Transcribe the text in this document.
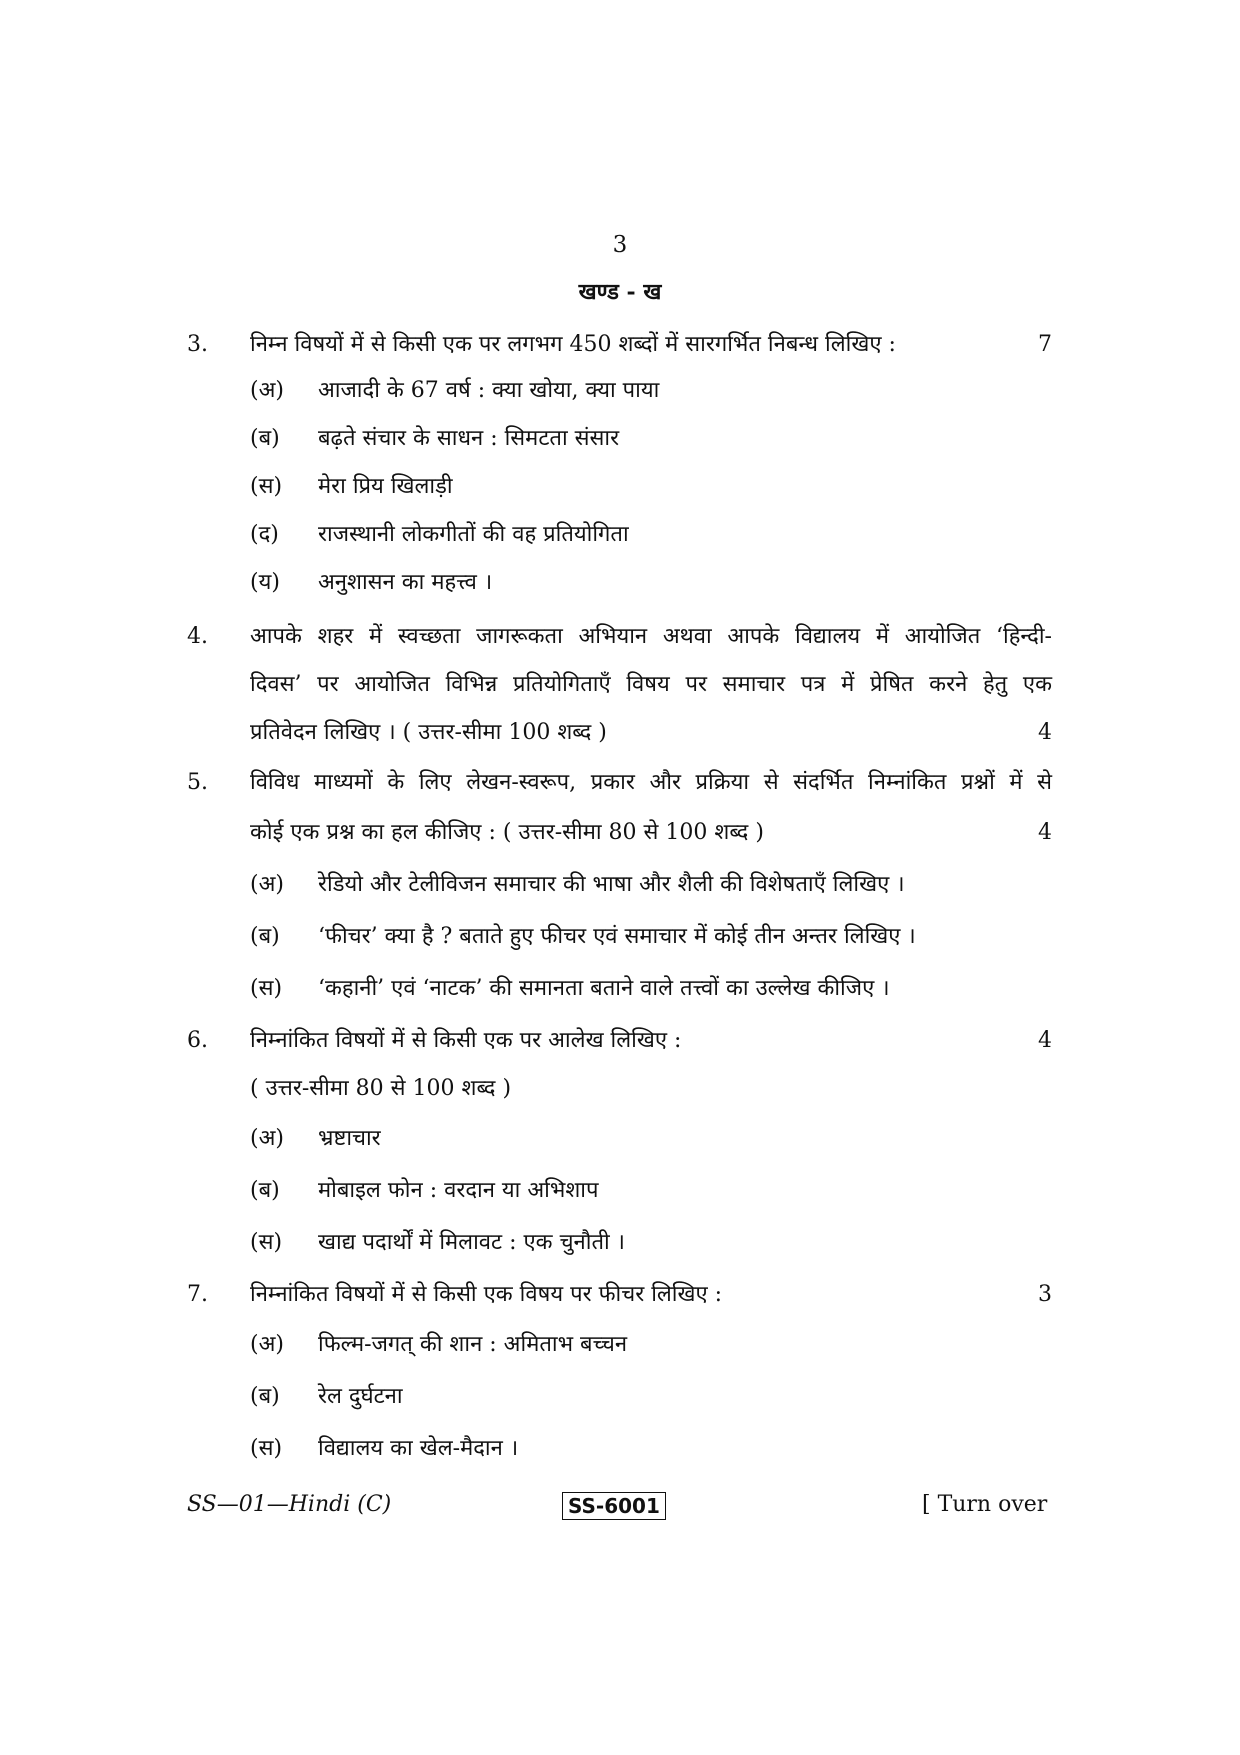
3
खण्ड - ख
3. निम्न विषयों में से किसी एक पर लगभग 450 शब्दों में सारगर्भित निबन्ध लिखिए :	7
(अ) आजादी के 67 वर्ष : क्या खोया, क्या पाया
(ब) बढ़ते संचार के साधन : सिमटता संसार
(स) मेरा प्रिय खिलाड़ी
(द) राजस्थानी लोकगीतों की वह प्रतियोगिता
(य) अनुशासन का महत्त्व ।
4. आपके शहर में स्वच्छता जागरूकता अभियान अथवा आपके विद्यालय में आयोजित ‘हिन्दी-
दिवस’ पर आयोजित विभिन्न प्रतियोगिताएँ विषय पर समाचार पत्र में प्रेषित करने हेतु एक
प्रतिवेदन लिखिए । ( उत्तर-सीमा 100 शब्द )	4
5. विविध माध्यमों के लिए लेखन-स्वरूप, प्रकार और प्रक्रिया से संदर्भित निम्नांकित प्रश्नों में से
कोई एक प्रश्न का हल कीजिए : ( उत्तर-सीमा 80 से 100 शब्द )	4
(अ) रेडियो और टेलीविजन समाचार की भाषा और शैली की विशेषताएँ लिखिए ।
(ब) ‘फीचर’ क्या है ? बताते हुए फीचर एवं समाचार में कोई तीन अन्तर लिखिए ।
(स) ‘कहानी’ एवं ‘नाटक’ की समानता बताने वाले तत्त्वों का उल्लेख कीजिए ।
6. निम्नांकित विषयों में से किसी एक पर आलेख लिखिए :	4
( उत्तर-सीमा 80 से 100 शब्द )
(अ) भ्रष्टाचार
(ब) मोबाइल फोन : वरदान या अभिशाप
(स) खाद्य पदार्थों में मिलावट : एक चुनौती ।
7. निम्नांकित विषयों में से किसी एक विषय पर फीचर लिखिए :	3
(अ) फिल्म-जगत् की शान : अमिताभ बच्चन
(ब) रेल दुर्घटना
(स) विद्यालय का खेल-मैदान ।
SS—01—Hindi (C)	SS-6001	[ Turn over
